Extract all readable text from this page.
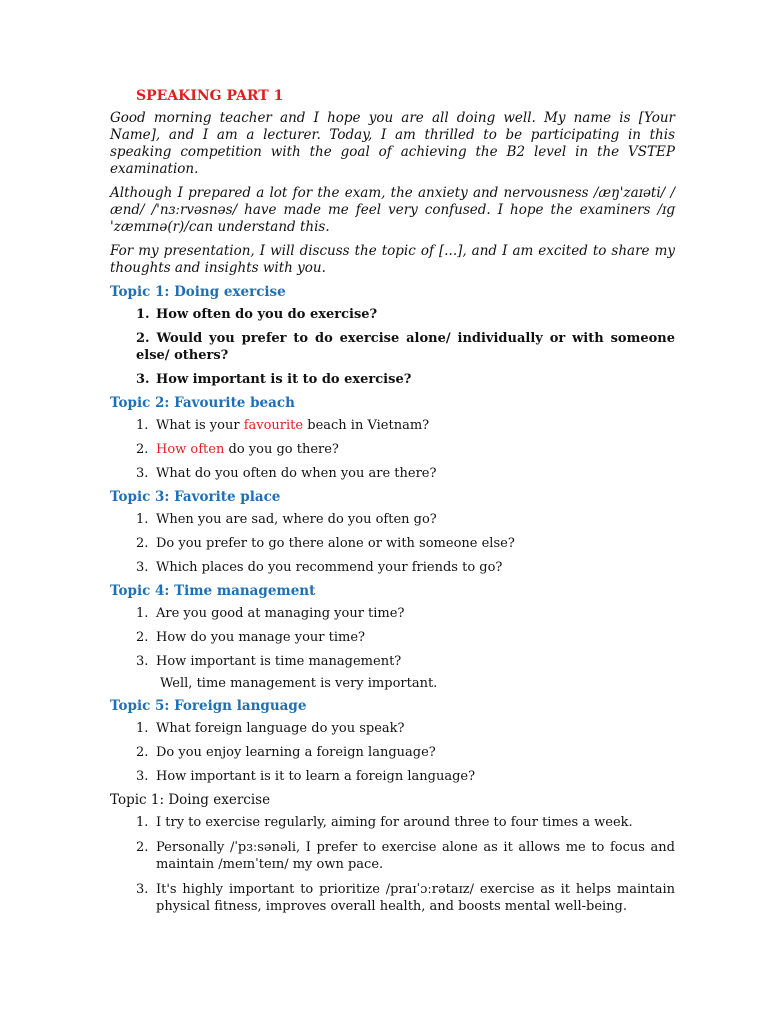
SPEAKING PART 1

Good morning teacher and I hope you are all doing well. My name is [Your Name], and I am a lecturer. Today, I am thrilled to be participating in this speaking competition with the goal of achieving the B2 level in the VSTEP examination.

Although I prepared a lot for the exam, the anxiety and nervousness /æŋ'zaɪəti/ /ænd/ /'nɜːrvəsnəs/ have made me feel very confused. I hope the examiners /ɪɡ 'zæmɪnə(r)/can understand this.

For my presentation, I will discuss the topic of [...], and I am excited to share my thoughts and insights with you.

Topic 1: Doing exercise
1. How often do you do exercise?
2. Would you prefer to do exercise alone/ individually or with someone else/ others?
3. How important is it to do exercise?
Topic 2: Favourite beach
1. What is your favourite beach in Vietnam?
2. How often do you go there?
3. What do you often do when you are there?
Topic 3: Favorite place
1. When you are sad, where do you often go?
2. Do you prefer to go there alone or with someone else?
3. Which places do you recommend your friends to go?
Topic 4: Time management
1. Are you good at managing your time?
2. How do you manage your time?
3. How important is time management?
Well, time management is very important.
Topic 5: Foreign language
1. What foreign language do you speak?
2. Do you enjoy learning a foreign language?
3. How important is it to learn a foreign language?
Topic 1: Doing exercise
1. I try to exercise regularly, aiming for around three to four times a week.
2. Personally /ˈpɜːsənəli, I prefer to exercise alone as it allows me to focus and maintain /meɪnˈteɪn/ my own pace.
3. It's highly important to prioritize /praɪˈɔːrətaɪz/ exercise as it helps maintain physical fitness, improves overall health, and boosts mental well-being.
